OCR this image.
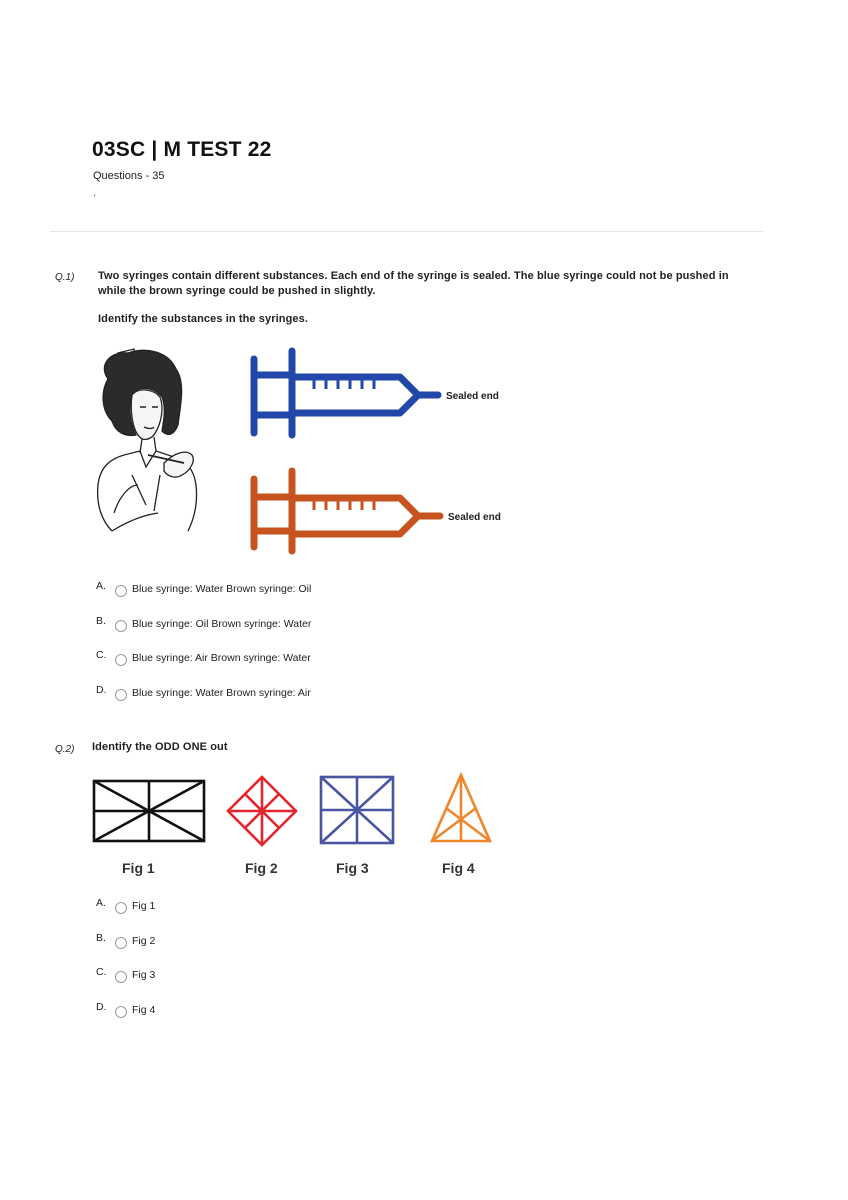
03SC | M TEST 22
Questions - 35
.
Q.1) Two syringes contain different substances. Each end of the syringe is sealed. The blue syringe could not be pushed in while the brown syringe could be pushed in slightly.
Identify the substances in the syringes.
Sealed end
Sealed end
A.	Blue syringe: Water Brown syringe: Oil
B.	Blue syringe: Oil Brown syringe: Water
C.	Blue syringe: Air Brown syringe: Water
D.	Blue syringe: Water Brown syringe: Air
Q.2) Identify the ODD ONE out
Fig 1	Fig 2	Fig 3	Fig 4
A.	Fig 1
B.	Fig 2
C.	Fig 3
D.	Fig 4
